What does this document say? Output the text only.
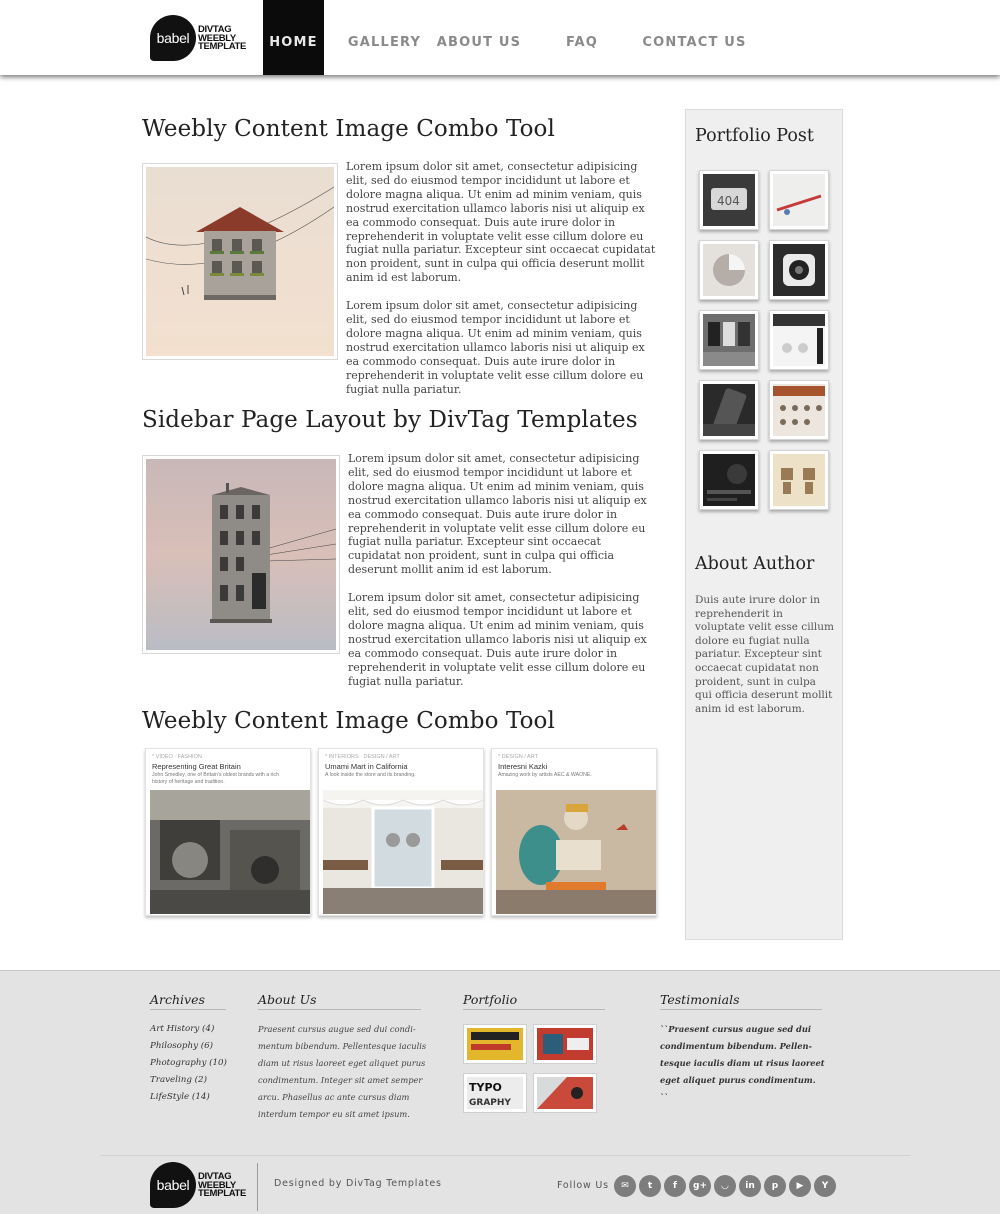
babel
DIVTAG
WEEBLY
TEMPLATE	HOME	GALLERY	ABOUT US	FAQ	CONTACT US
Weebly Content Image Combo Tool

Lorem ipsum dolor sit amet, consectetur adipisicing elit, sed do eiusmod tempor incididunt ut labore et dolore magna aliqua. Ut enim ad minim veniam, quis nostrud exercitation ullamco laboris nisi ut aliquip ex ea commodo consequat. Duis aute irure dolor in reprehenderit in voluptate velit esse cillum dolore eu fugiat nulla pariatur. Excepteur sint occaecat cupidatat non proident, sunt in culpa qui officia deserunt mollit anim id est laborum.

Lorem ipsum dolor sit amet, consectetur adipisicing elit, sed do eiusmod tempor incididunt ut labore et dolore magna aliqua. Ut enim ad minim veniam, quis nostrud exercitation ullamco laboris nisi ut aliquip ex ea commodo consequat. Duis aute irure dolor in reprehenderit in voluptate velit esse cillum dolore eu fugiat nulla pariatur.

Sidebar Page Layout by DivTag Templates

Lorem ipsum dolor sit amet, consectetur adipisicing elit, sed do eiusmod tempor incididunt ut labore et dolore magna aliqua. Ut enim ad minim veniam, quis nostrud exercitation ullamco laboris nisi ut aliquip ex ea commodo consequat. Duis aute irure dolor in reprehenderit in voluptate velit esse cillum dolore eu fugiat nulla pariatur. Excepteur sint occaecat cupidatat non proident, sunt in culpa qui officia deserunt mollit anim id est laborum.

Lorem ipsum dolor sit amet, consectetur adipisicing elit, sed do eiusmod tempor incididunt ut labore et dolore magna aliqua. Ut enim ad minim veniam, quis nostrud exercitation ullamco laboris nisi ut aliquip ex ea commodo consequat. Duis aute irure dolor in reprehenderit in voluptate velit esse cillum dolore eu fugiat nulla pariatur.

Weebly Content Image Combo Tool
* VIDEO · FASHION
Representing Great Britain
John Smedley, one of Britain's oldest brands with a rich history of heritage and tradition.
* INTERIORS · DESIGN / ART
Umami Mart in California
A look inside the store and its branding.
* DESIGN / ART
Interesni Kazki
Amazing work by artists AEC & WAONE.
Portfolio Post
404
About Author
Duis aute irure dolor in reprehenderit in voluptate velit esse cillum dolore eu fugiat nulla pariatur. Excepteur sint occaecat cupidatat non proident, sunt in culpa qui officia deserunt mollit anim id est laborum.
Archives
Art History (4)
Philosophy (6)
Photography (10)
Traveling (2)
LifeStyle (14)
About Us
Praesent cursus augue sed dui condi-
mentum bibendum. Pellentesque iaculis
diam ut risus laoreet eget aliquet purus
condimentum. Integer sit amet semper
arcu. Phasellus ac ante cursus diam
interdum tempor eu sit amet ipsum.
Portfolio
TYPO
GRAPHY
Testimonials
``Praesent cursus augue sed dui
condimentum bibendum. Pellen-
tesque iaculis diam ut risus laoreet
eget aliquet purus condimentum.
``
babel
DIVTAG
WEEBLY
TEMPLATE
Designed by DivTag Templates	Follow Us	✉	t	f	g+	◡	in	p	▶	Y
